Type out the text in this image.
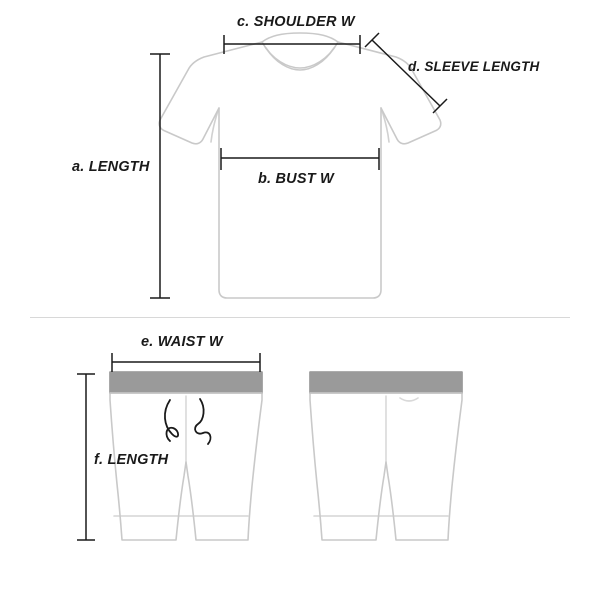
a. LENGTH
b. BUST W
c. SHOULDER W
d. SLEEVE LENGTH
e. WAIST W
f. LENGTH
